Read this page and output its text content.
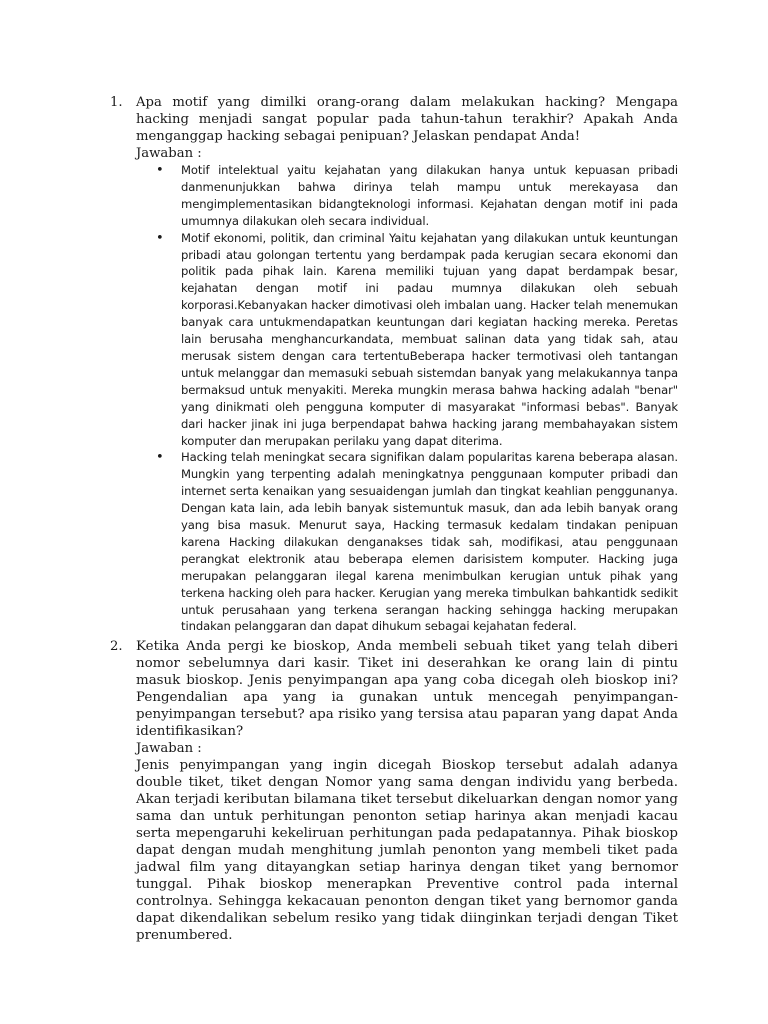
1. Apa motif yang dimilki orang-orang dalam melakukan hacking? Mengapa hacking menjadi sangat popular pada tahun-tahun terakhir? Apakah Anda menganggap hacking sebagai penipuan? Jelaskan pendapat Anda!

Jawaban :

• Motif intelektual yaitu kejahatan yang dilakukan hanya untuk kepuasan pribadi danmenunjukkan bahwa dirinya telah mampu untuk merekayasa dan mengimplementasikan bidangteknologi informasi. Kejahatan dengan motif ini pada umumnya dilakukan oleh secara individual.

• Motif ekonomi, politik, dan criminal Yaitu kejahatan yang dilakukan untuk keuntungan pribadi atau golongan tertentu yang berdampak pada kerugian secara ekonomi dan politik pada pihak lain. Karena memiliki tujuan yang dapat berdampak besar, kejahatan dengan motif ini padau mumnya dilakukan oleh sebuah korporasi.Kebanyakan hacker dimotivasi oleh imbalan uang. Hacker telah menemukan banyak cara untukmendapatkan keuntungan dari kegiatan hacking mereka. Peretas lain berusaha menghancurkandata, membuat salinan data yang tidak sah, atau merusak sistem dengan cara tertentuBeberapa hacker termotivasi oleh tantangan untuk melanggar dan memasuki sebuah sistemdan banyak yang melakukannya tanpa bermaksud untuk menyakiti. Mereka mungkin merasa bahwa hacking adalah "benar" yang dinikmati oleh pengguna komputer di masyarakat "informasi bebas". Banyak dari hacker jinak ini juga berpendapat bahwa hacking jarang membahayakan sistem komputer dan merupakan perilaku yang dapat diterima.

• Hacking telah meningkat secara signifikan dalam popularitas karena beberapa alasan. Mungkin yang terpenting adalah meningkatnya penggunaan komputer pribadi dan internet serta kenaikan yang sesuaidengan jumlah dan tingkat keahlian penggunanya. Dengan kata lain, ada lebih banyak sistemuntuk masuk, dan ada lebih banyak orang yang bisa masuk. Menurut saya, Hacking termasuk kedalam tindakan penipuan karena Hacking dilakukan denganakses tidak sah, modifikasi, atau penggunaan perangkat elektronik atau beberapa elemen darisistem komputer. Hacking juga merupakan pelanggaran ilegal karena menimbulkan kerugian untuk pihak yang terkena hacking oleh para hacker. Kerugian yang mereka timbulkan bahkantidk sedikit untuk perusahaan yang terkena serangan hacking sehingga hacking merupakan tindakan pelanggaran dan dapat dihukum sebagai kejahatan federal.

2. Ketika Anda pergi ke bioskop, Anda membeli sebuah tiket yang telah diberi nomor sebelumnya dari kasir. Tiket ini deserahkan ke orang lain di pintu masuk bioskop. Jenis penyimpangan apa yang coba dicegah oleh bioskop ini? Pengendalian apa yang ia gunakan untuk mencegah penyimpangan-penyimpangan tersebut? apa risiko yang tersisa atau paparan yang dapat Anda identifikasikan?

Jawaban :

Jenis penyimpangan yang ingin dicegah Bioskop tersebut adalah adanya double tiket, tiket dengan Nomor yang sama dengan individu yang berbeda. Akan terjadi keributan bilamana tiket tersebut dikeluarkan dengan nomor yang sama dan untuk perhitungan penonton setiap harinya akan menjadi kacau serta mepengaruhi kekeliruan perhitungan pada pedapatannya. Pihak bioskop dapat dengan mudah menghitung jumlah penonton yang membeli tiket pada jadwal film yang ditayangkan setiap harinya dengan tiket yang bernomor tunggal. Pihak bioskop menerapkan Preventive control pada internal controlnya. Sehingga kekacauan penonton dengan tiket yang bernomor ganda dapat dikendalikan sebelum resiko yang tidak diinginkan terjadi dengan Tiket prenumbered.
